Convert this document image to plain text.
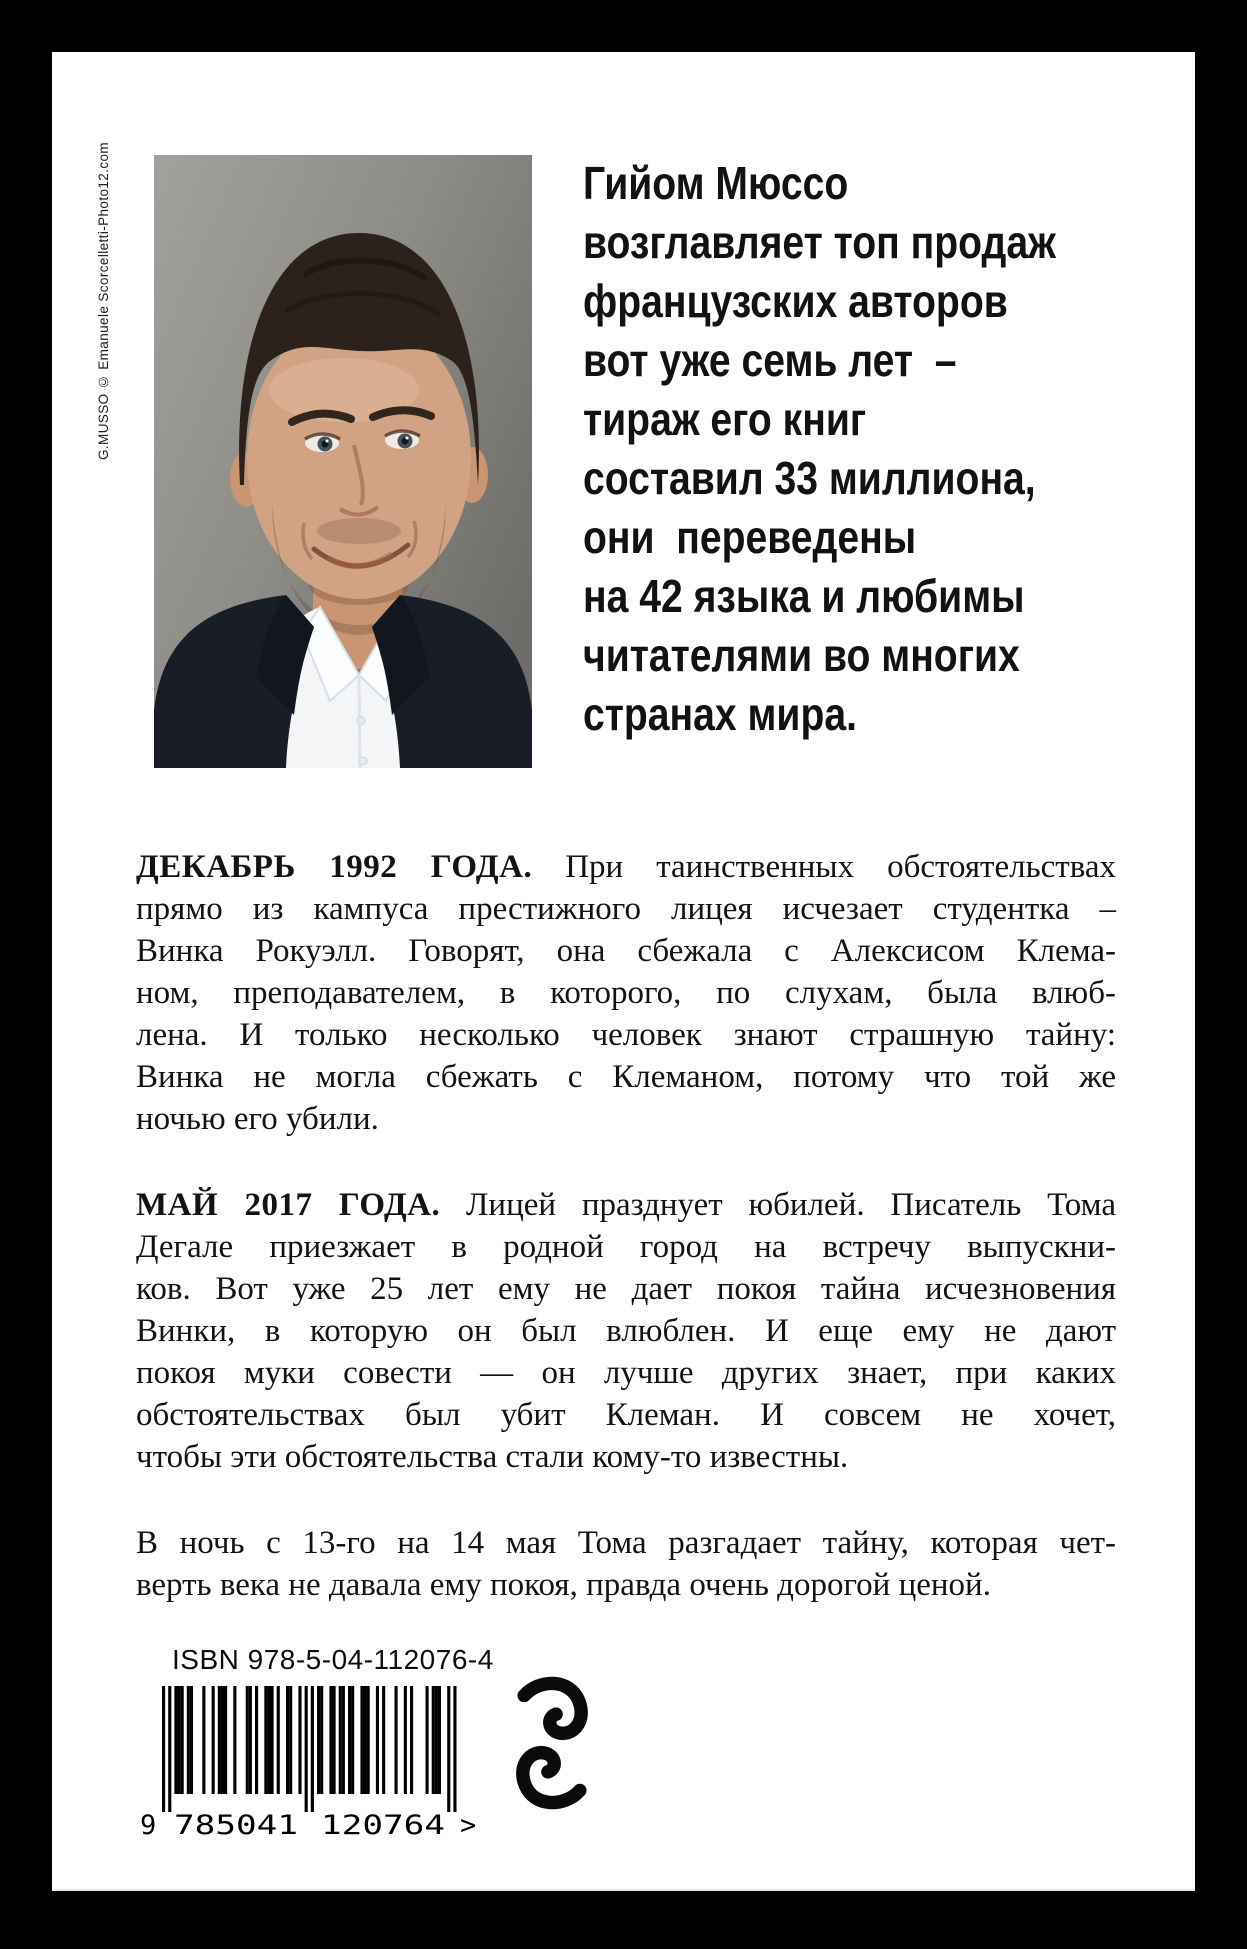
G.MUSSO © Emanuele Scorcelletti-Photo12.com	Гийом Мюссо
возглавляет топ продаж
французских авторов
вот уже семь лет  –
тираж его книг
составил 33 миллиона,
они  переведены
на 42 языка и любимы
читателями во многих
странах мира.
ДЕКАБРЬ 1992 ГОДА. При таинственных обстоятельствах
прямо из кампуса престижного лицея исчезает студентка –
Винка Рокуэлл. Говорят, она сбежала с Алексисом Клема-
ном, преподавателем, в которого, по слухам, была влюб-
лена. И только несколько человек знают страшную тайну:
Винка не могла сбежать с Клеманом, потому что той же
ночью его убили.
МАЙ 2017 ГОДА. Лицей празднует юбилей. Писатель Тома
Дегале приезжает в родной город на встречу выпускни-
ков. Вот уже 25 лет ему не дает покоя тайна исчезновения
Винки, в которую он был влюблен. И еще ему не дают
покоя муки совести — он лучше других знает, при каких
обстоятельствах был убит Клеман. И совсем не хочет,
чтобы эти обстоятельства стали кому-то известны.
В ночь с 13-го на 14 мая Тома разгадает тайну, которая чет-
верть века не давала ему покоя, правда очень дорогой ценой.
ISBN 978-5-04-112076-4
9 785041 120764 >
